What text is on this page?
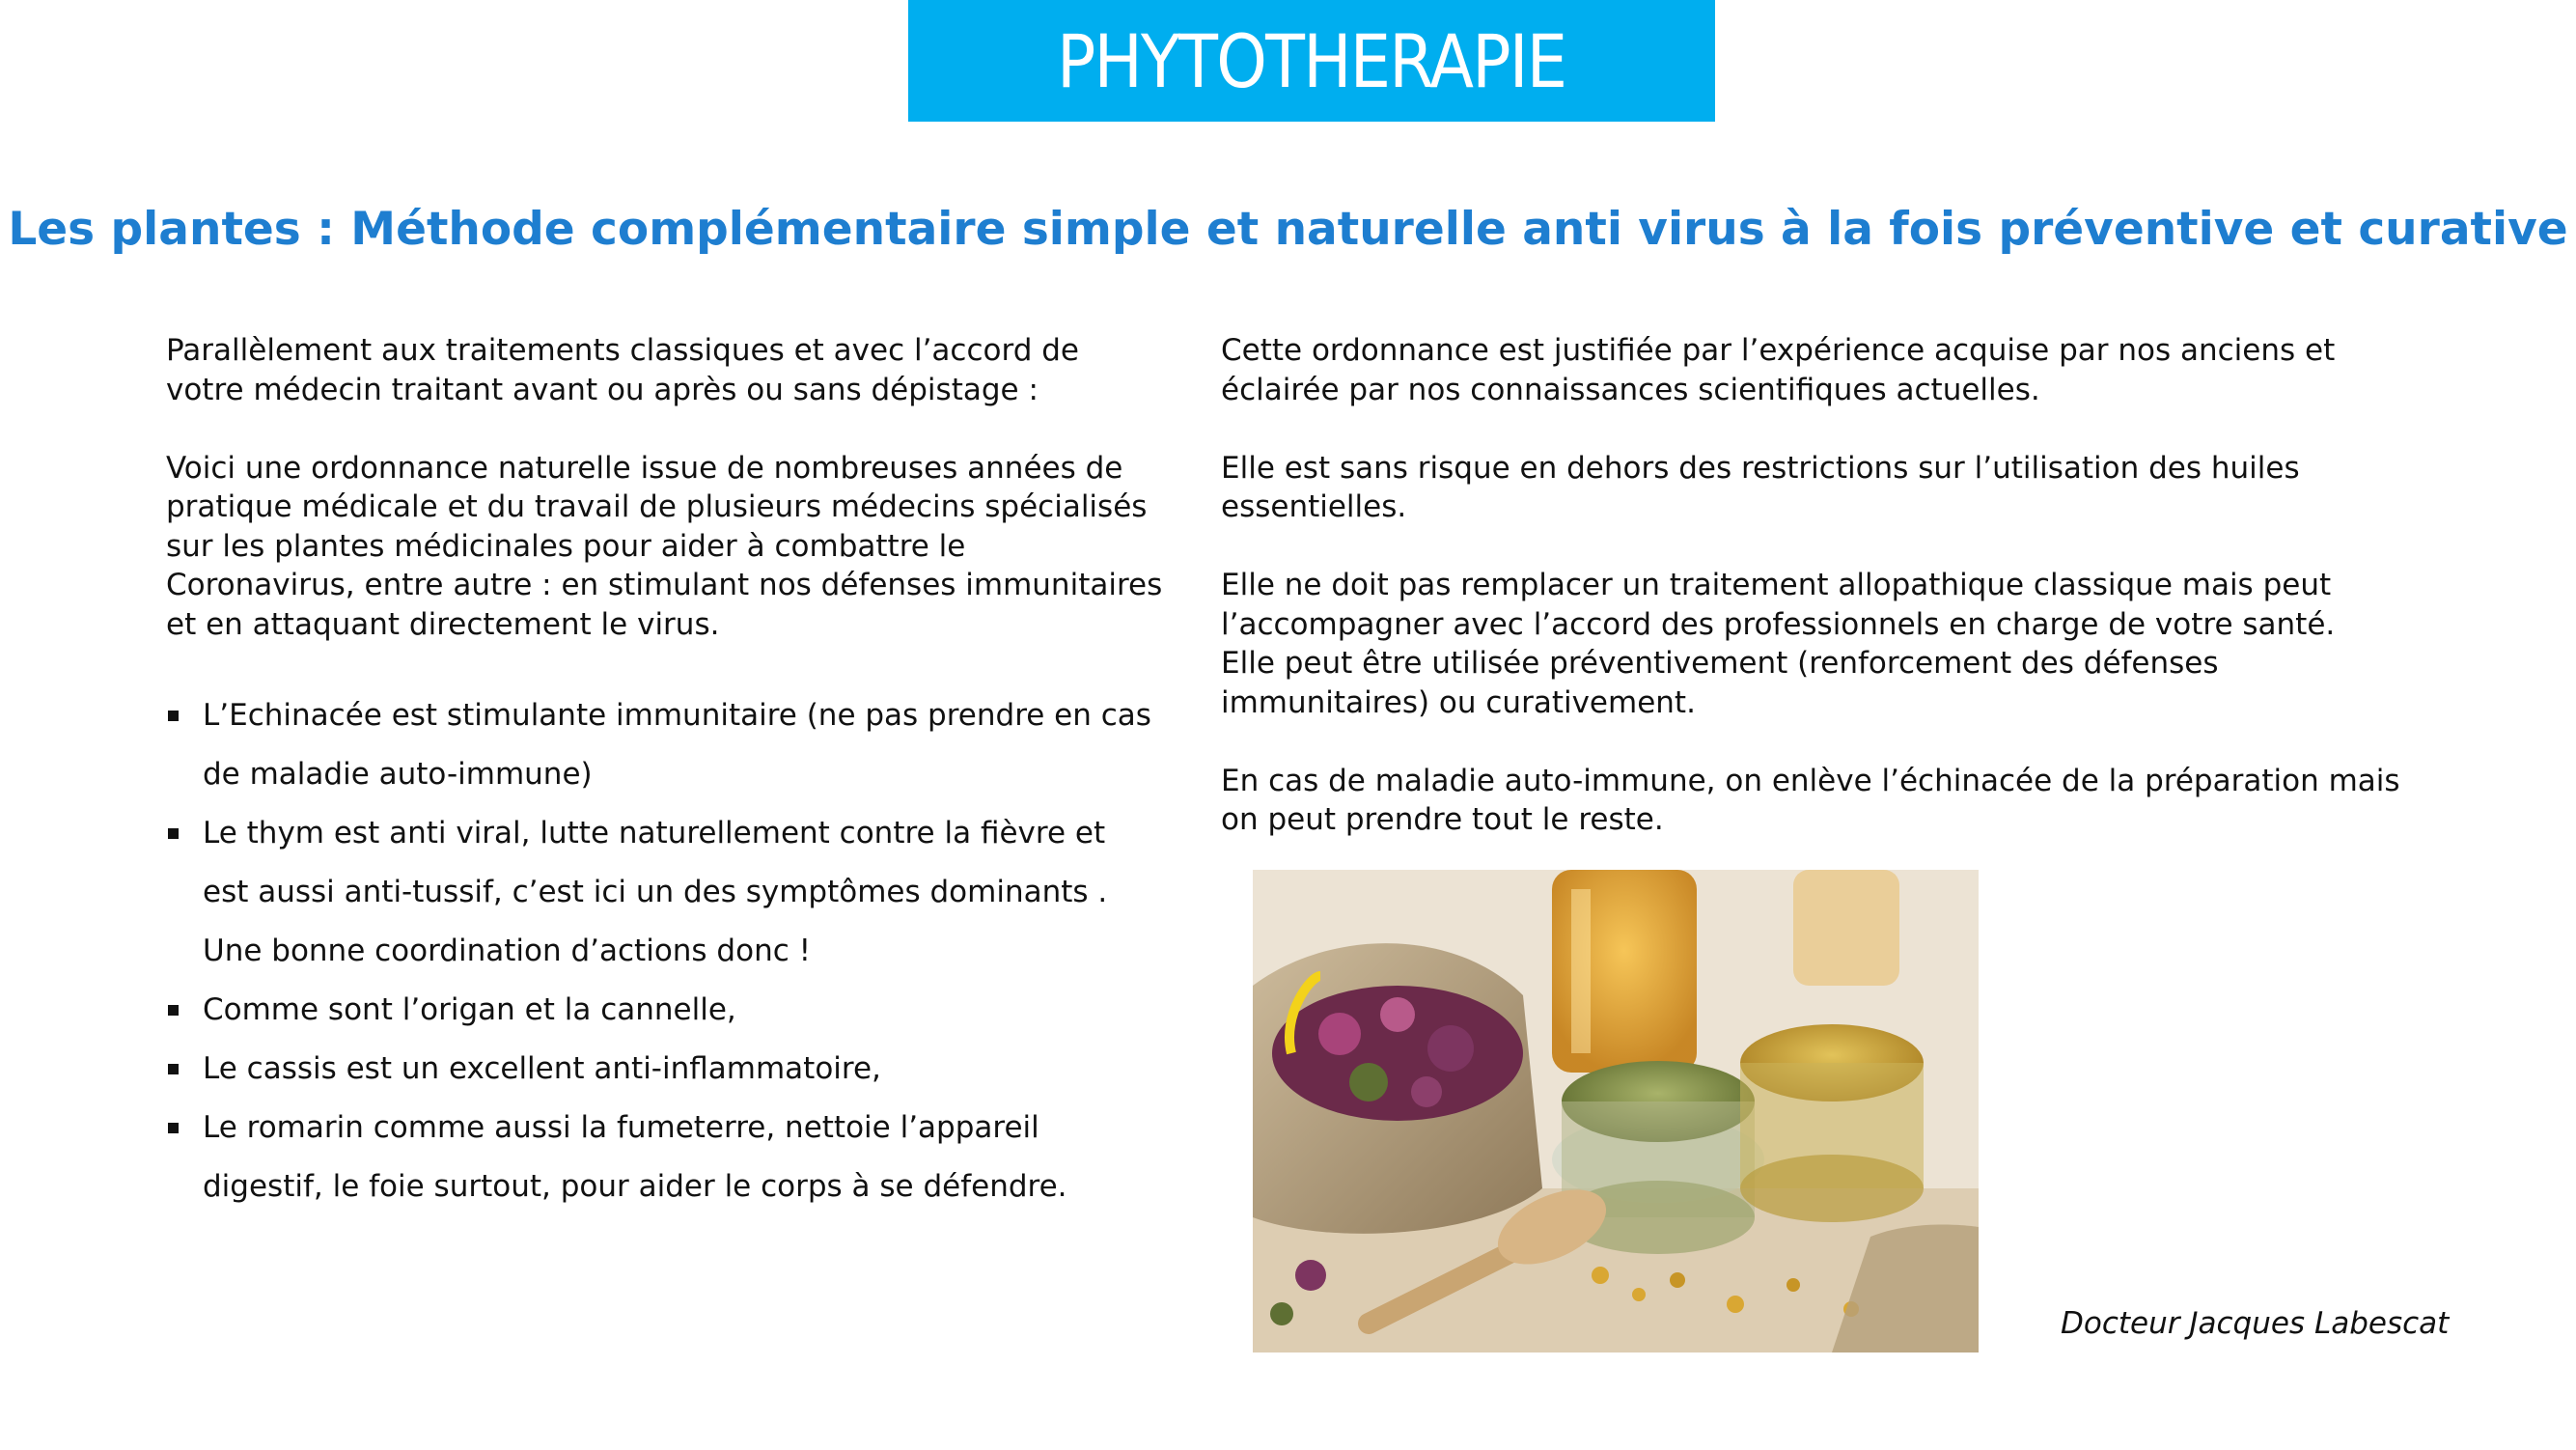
PHYTOTHERAPIE
Les plantes : Méthode complémentaire simple et naturelle anti virus à la fois préventive et curative

Parallèlement aux traitements classiques et avec l’accord de

votre médecin traitant avant ou après ou sans dépistage :

Voici une ordonnance naturelle issue de nombreuses années de

pratique médicale et du travail de plusieurs médecins spécialisés

sur les plantes médicinales pour aider à combattre le

Coronavirus, entre autre : en stimulant nos défenses immunitaires

et en attaquant directement le virus.

L’Echinacée est stimulante immunitaire (ne pas prendre en cas
de maladie auto-immune)
Le thym est anti viral, lutte naturellement contre la fièvre et
est aussi anti-tussif, c’est ici un des symptômes dominants .
Une bonne coordination d’actions donc !
Comme sont l’origan et la cannelle,
Le cassis est un excellent anti-inflammatoire,
Le romarin comme aussi la fumeterre, nettoie l’appareil
digestif, le foie surtout, pour aider le corps à se défendre.

Cette ordonnance est justifiée par l’expérience acquise par nos anciens et

éclairée par nos connaissances scientifiques actuelles.

Elle est sans risque en dehors des restrictions sur l’utilisation des huiles

essentielles.

Elle ne doit pas remplacer un traitement allopathique classique mais peut

l’accompagner avec l’accord des professionnels en charge de votre santé.

Elle peut être utilisée préventivement (renforcement des défenses

immunitaires) ou curativement.

En cas de maladie auto-immune, on enlève l’échinacée de la préparation mais

on peut prendre tout le reste.

Docteur Jacques Labescat
